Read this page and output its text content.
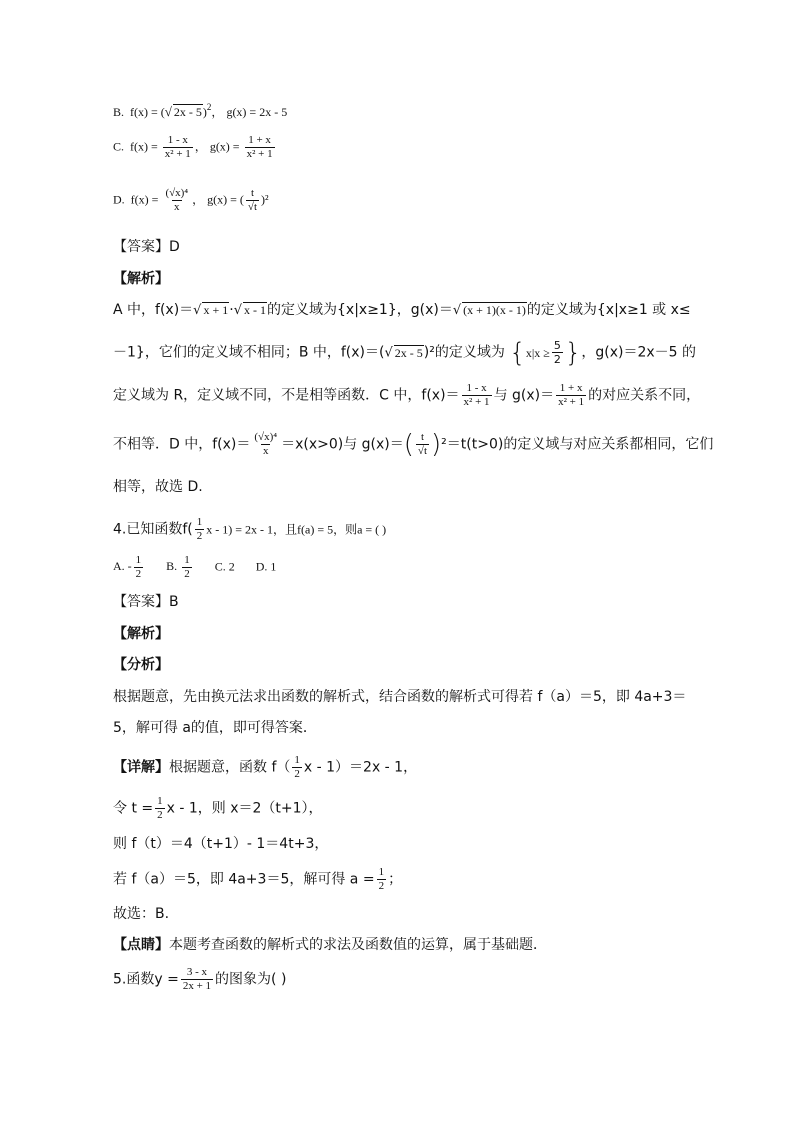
B. f(x) = (√ 2x - 5)$^2$， g(x) = 2x - 5
C. $f(x) = \frac{1 - x}{\text{x² + 1}}$ ， $g(x) = \frac{1 + x}{\text{x² + 1}}$
D. $f(x) = \frac{\text{(√x)⁴}}{x}$ ， g(x) = ( $\frac{t}{√t} )^2$
【答案】D
【解析】
A 中，f(x)＝√ x + 1·√ x - 1的定义域为{x|x≥1}，g(x)＝√ (x + 1)(x - 1)的定义域为{x|x≥1 或 x≤
－1}，它们的定义域不相同；B 中，f(x)＝(√ 2x - 5)²的定义域为 { $x|x \ge \frac{5}{2}$ } ，g(x)＝2x－5 的
定义域为 R，定义域不同，不是相等函数．C 中，$f(x)= \frac{1 - x}{\text{x² + 1}}$ 与 $g(x)= \frac{1 + x}{\text{x² + 1}}$ 的对应关系不同，
不相等．D 中，$f(x)= \frac{\text{(√x)⁴}}{x} =x(x>0)$与 $g(x)=( \frac{t}{√t} )^2=t(t>0)$的定义域与对应关系都相同，它们
相等，故选 D.
4.已知函数$f( \frac{1}{2}$ x - 1) = 2x - 1，且f(a) = 5，则a = ( )
A. - $\frac{1}{2} B$. $\frac{1}{2} C$. 2 D. 1
【答案】B
【解析】
【分析】
根据题意，先由换元法求出函数的解析式，结合函数的解析式可得若 f（a）＝5，即 4a+3＝
5，解可得 a的值，即可得答案．
【详解】根据题意，函数 $f( \frac{1}{2}$ x - 1）＝2x - 1，
令 $t = \frac{1}{2}$ x - 1，则 x＝2（t+1），
则 f（t）＝4（t+1）- 1＝4t+3，
若 f（a）＝5，即 4a+3＝5，解可得 $a = \frac{1}{2}$ ；
故选：B.
【点睛】本题考查函数的解析式的求法及函数值的运算，属于基础题．
5.函数$y = \frac{3 - x}{2x + 1}$ 的图象为( )
